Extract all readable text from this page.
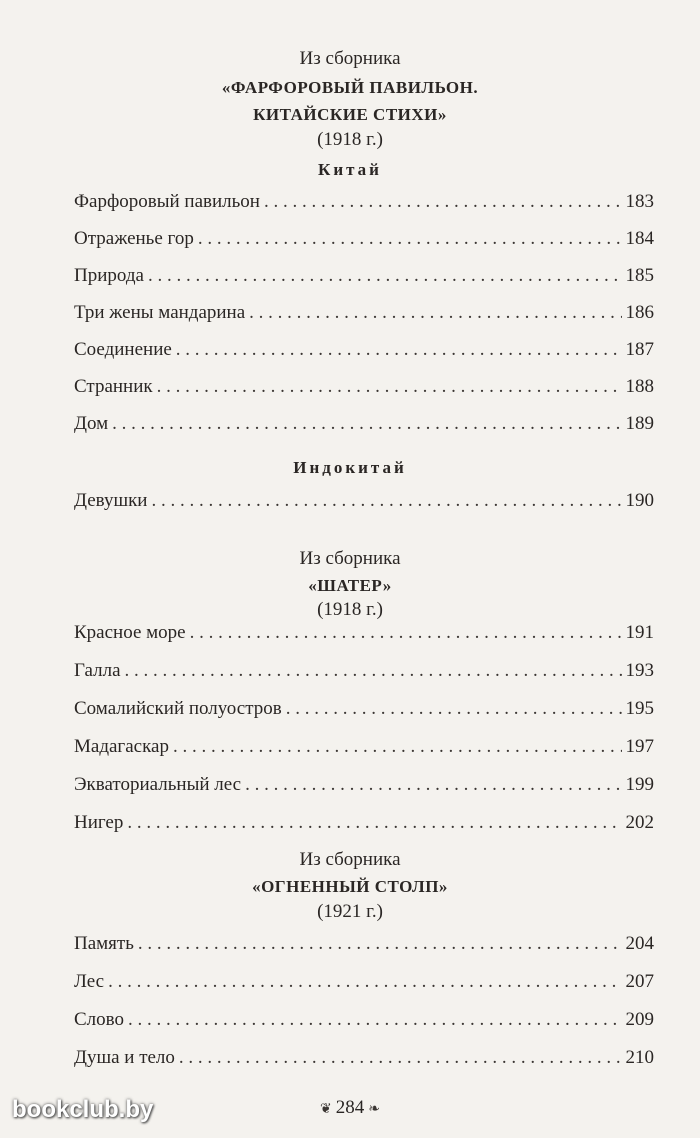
Из сборника
«ФАРФОРОВЫЙ ПАВИЛЬОН.
КИТАЙСКИЕ СТИХИ»
(1918 г.)
Китай
Фарфоровый павильон . . .	183
Отраженье гор . . .	184
Природа . . .	185
Три жены мандарина . . .	186
Соединение . . .	187
Странник . . .	188
Дом . . .	189
Индокитай
Девушки . . .	190
Из сборника
«ШАТЕР»
(1918 г.)
Красное море . . .	191
Галла . . .	193
Сомалийский полуостров . . .	195
Мадагаскар . . .	197
Экваториальный лес . . .	199
Нигер . . .	202
Из сборника
«ОГНЕННЫЙ СТОЛП»
(1921 г.)
Память . . .	204
Лес . . .	207
Слово . . .	209
Душа и тело . . .	210
❦ 284 ❧
bookclub.by
